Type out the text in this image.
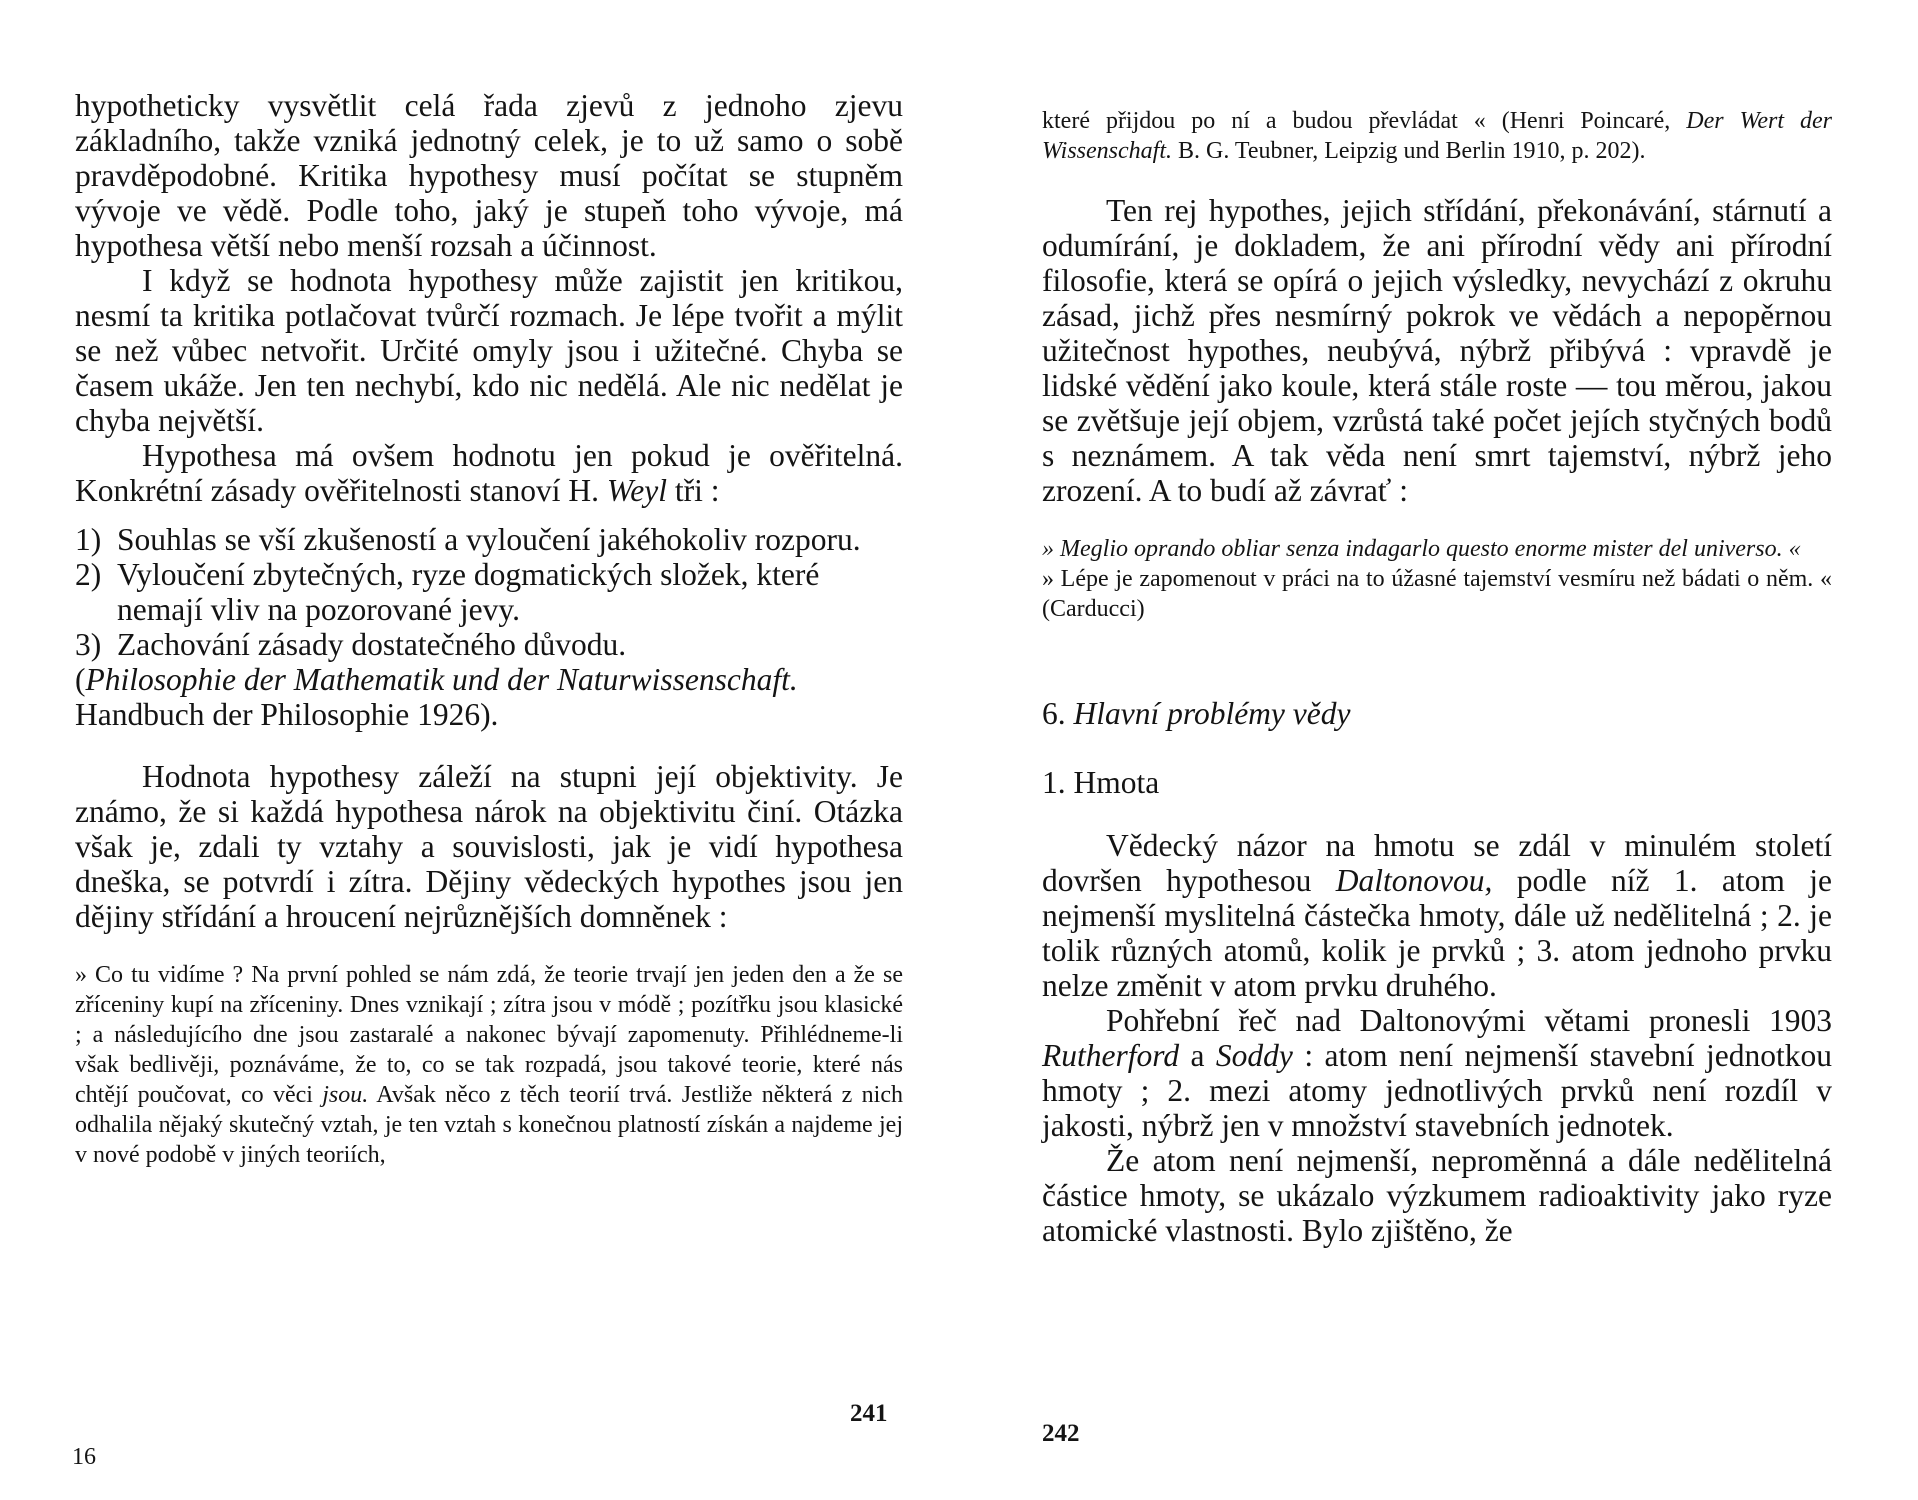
hypotheticky vysvětlit celá řada zjevů z jednoho zjevu základního, takže vzniká jednotný celek, je to už samo o sobě pravděpodobné. Kritika hypothesy musí počítat se stupněm vývoje ve vědě. Podle toho, jaký je stupeň toho vývoje, má hypothesa větší nebo menší rozsah a účinnost.

I když se hodnota hypothesy může zajistit jen kritikou, nesmí ta kritika potlačovat tvůrčí rozmach. Je lépe tvořit a mýlit se než vůbec netvořit. Určité omyly jsou i užitečné. Chyba se časem ukáže. Jen ten nechybí, kdo nic nedělá. Ale nic nedělat je chyba největší.

Hypothesa má ovšem hodnotu jen pokud je ověřitelná. Konkrétní zásady ověřitelnosti stanoví H. Weyl tři :

1) Souhlas se vší zkušeností a vyloučení jakéhokoliv rozporu.
2) Vyloučení zbytečných, ryze dogmatických složek, které nemají vliv na pozorované jevy.
3) Zachování zásady dostatečného důvodu.

(Philosophie der Mathematik und der Naturwissenschaft.
Handbuch der Philosophie 1926).

Hodnota hypothesy záleží na stupni její objektivity. Je známo, že si každá hypothesa nárok na objektivitu činí. Otázka však je, zdali ty vztahy a souvislosti, jak je vidí hypothesa dneška, se potvrdí i zítra. Dějiny vědeckých hypothes jsou jen dějiny střídání a hroucení nejrůznějších domněnek :

» Co tu vidíme ? Na první pohled se nám zdá, že teorie trvají jen jeden den a že se zříceniny kupí na zříceniny. Dnes vznikají ; zítra jsou v módě ; pozítřku jsou klasické ; a následujícího dne jsou zastaralé a nakonec bývají zapomenuty. Přihlédneme-li však bedlivěji, poznáváme, že to, co se tak rozpadá, jsou takové teorie, které nás chtějí poučovat, co věci jsou. Avšak něco z těch teorií trvá. Jestliže některá z nich odhalila nějaký skutečný vztah, je ten vztah s konečnou platností získán a najdeme jej v nové podobě v jiných teoriích,

241
16

které přijdou po ní a budou převládat « (Henri Poincaré, Der Wert der Wissenschaft. B. G. Teubner, Leipzig und Berlin 1910, p. 202).

Ten rej hypothes, jejich střídání, překonávání, stárnutí a odumírání, je dokladem, že ani přírodní vědy ani přírodní filosofie, která se opírá o jejich výsledky, nevychází z okruhu zásad, jichž přes nesmírný pokrok ve vědách a nepopěrnou užitečnost hypothes, neubývá, nýbrž přibývá : vpravdě je lidské vědění jako koule, která stále roste — tou měrou, jakou se zvětšuje její objem, vzrůstá také počet jejích styčných bodů s neznámem. A tak věda není smrt tajemství, nýbrž jeho zrození. A to budí až závrať :

» Meglio oprando obliar senza indagarlo questo enorme mister del universo. «

» Lépe je zapomenout v práci na to úžasné tajemství vesmíru než bádati o něm. « (Carducci)

6. Hlavní problémy vědy

1. Hmota

Vědecký názor na hmotu se zdál v minulém století dovršen hypothesou Daltonovou, podle níž 1. atom je nejmenší myslitelná částečka hmoty, dále už nedělitelná ; 2. je tolik různých atomů, kolik je prvků ; 3. atom jednoho prvku nelze změnit v atom prvku druhého.

Pohřební řeč nad Daltonovými větami pronesli 1903 Rutherford a Soddy : atom není nejmenší stavební jednotkou hmoty ; 2. mezi atomy jednotlivých prvků není rozdíl v jakosti, nýbrž jen v množství stavebních jednotek.

Že atom není nejmenší, neproměnná a dále nedělitelná částice hmoty, se ukázalo výzkumem radioaktivity jako ryze atomické vlastnosti. Bylo zjištěno, že

242
